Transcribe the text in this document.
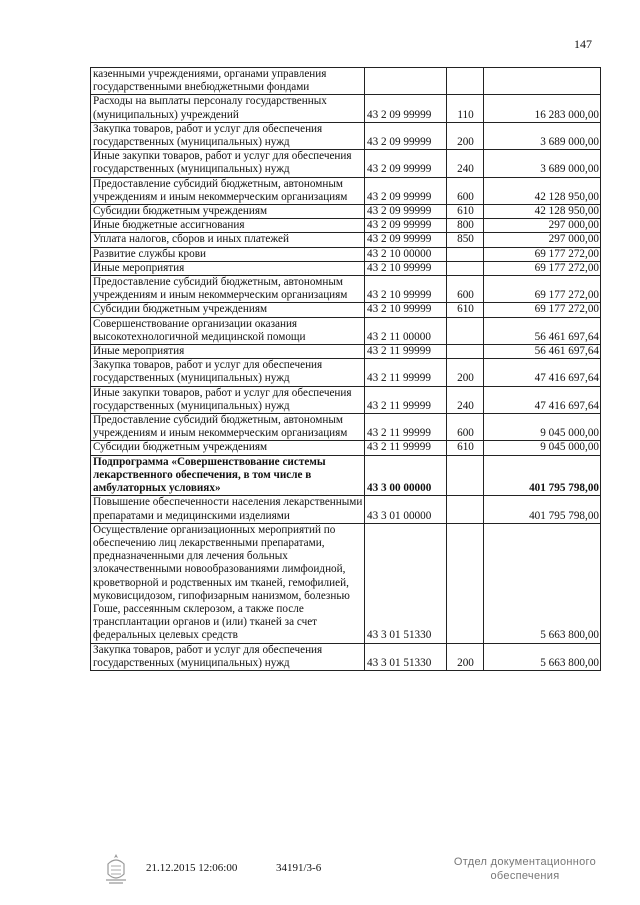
147
казенными учреждениями, органами управления государственными внебюджетными фондами			
Расходы на выплаты персоналу государственных (муниципальных) учреждений	43 2 09 99999	110	16 283 000,00
Закупка товаров, работ и услуг для обеспечения государственных (муниципальных) нужд	43 2 09 99999	200	3 689 000,00
Иные закупки товаров, работ и услуг для обеспечения государственных (муниципальных) нужд	43 2 09 99999	240	3 689 000,00
Предоставление субсидий бюджетным, автономным учреждениям и иным некоммерческим организациям	43 2 09 99999	600	42 128 950,00
Субсидии бюджетным учреждениям	43 2 09 99999	610	42 128 950,00
Иные бюджетные ассигнования	43 2 09 99999	800	297 000,00
Уплата налогов, сборов и иных платежей	43 2 09 99999	850	297 000,00
Развитие службы крови	43 2 10 00000		69 177 272,00
Иные мероприятия	43 2 10 99999		69 177 272,00
Предоставление субсидий бюджетным, автономным учреждениям и иным некоммерческим организациям	43 2 10 99999	600	69 177 272,00
Субсидии бюджетным учреждениям	43 2 10 99999	610	69 177 272,00
Совершенствование организации оказания высокотехнологичной медицинской помощи	43 2 11 00000		56 461 697,64
Иные мероприятия	43 2 11 99999		56 461 697,64
Закупка товаров, работ и услуг для обеспечения государственных (муниципальных) нужд	43 2 11 99999	200	47 416 697,64
Иные закупки товаров, работ и услуг для обеспечения государственных (муниципальных) нужд	43 2 11 99999	240	47 416 697,64
Предоставление субсидий бюджетным, автономным учреждениям и иным некоммерческим организациям	43 2 11 99999	600	9 045 000,00
Субсидии бюджетным учреждениям	43 2 11 99999	610	9 045 000,00
Подпрограмма «Совершенствование системы лекарственного обеспечения, в том числе в амбулаторных условиях»	43 3 00 00000		401 795 798,00
Повышение обеспеченности населения лекарственными препаратами и медицинскими изделиями	43 3 01 00000		401 795 798,00
Осуществление организационных мероприятий по обеспечению лиц лекарственными препаратами, предназначенными для лечения больных злокачественными новообразованиями лимфоидной, кроветворной и родственных им тканей, гемофилией, муковисцидозом, гипофизарным нанизмом, болезнью Гоше, рассеянным склерозом, а также после трансплантации органов и (или) тканей за счет федеральных целевых средств	43 3 01 51330		5 663 800,00
Закупка товаров, работ и услуг для обеспечения государственных (муниципальных) нужд	43 3 01 51330	200	5 663 800,00
21.12.2015 12:06:00	34191/3-6	Отдел документационного
обеспечения
